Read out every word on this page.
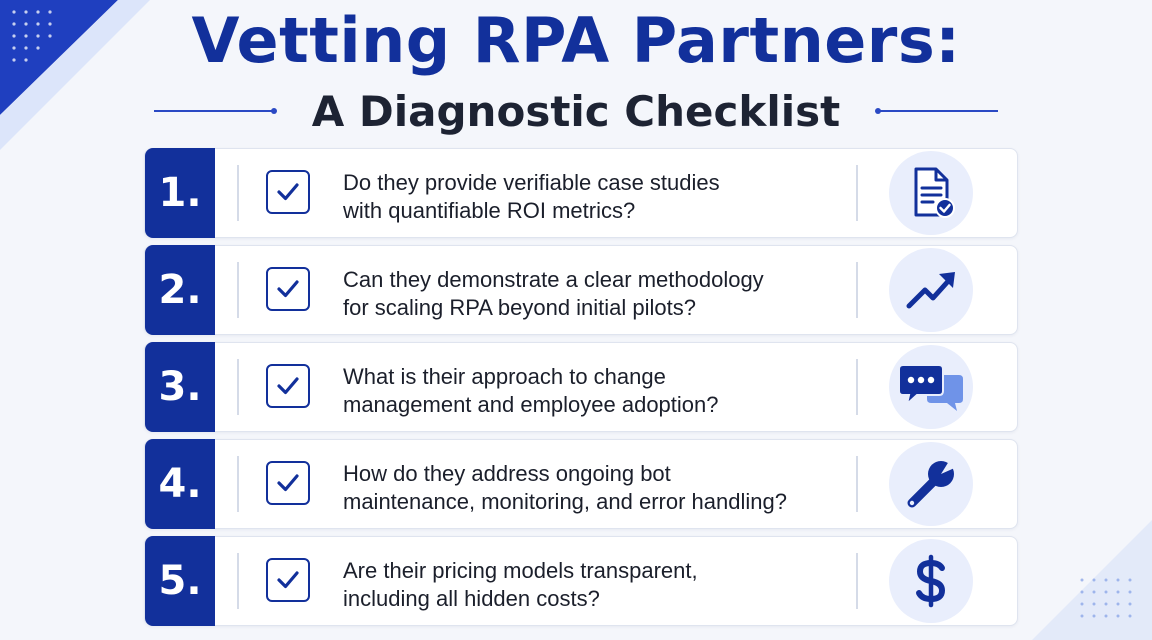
Vetting RPA Partners:
A Diagnostic Checklist
1.	Do they provide verifiable case studies
with quantifiable ROI metrics?
2.	Can they demonstrate a clear methodology
for scaling RPA beyond initial pilots?
3.	What is their approach to change
management and employee adoption?
4.	How do they address ongoing bot
maintenance, monitoring, and error handling?
5.	Are their pricing models transparent,
including all hidden costs?
